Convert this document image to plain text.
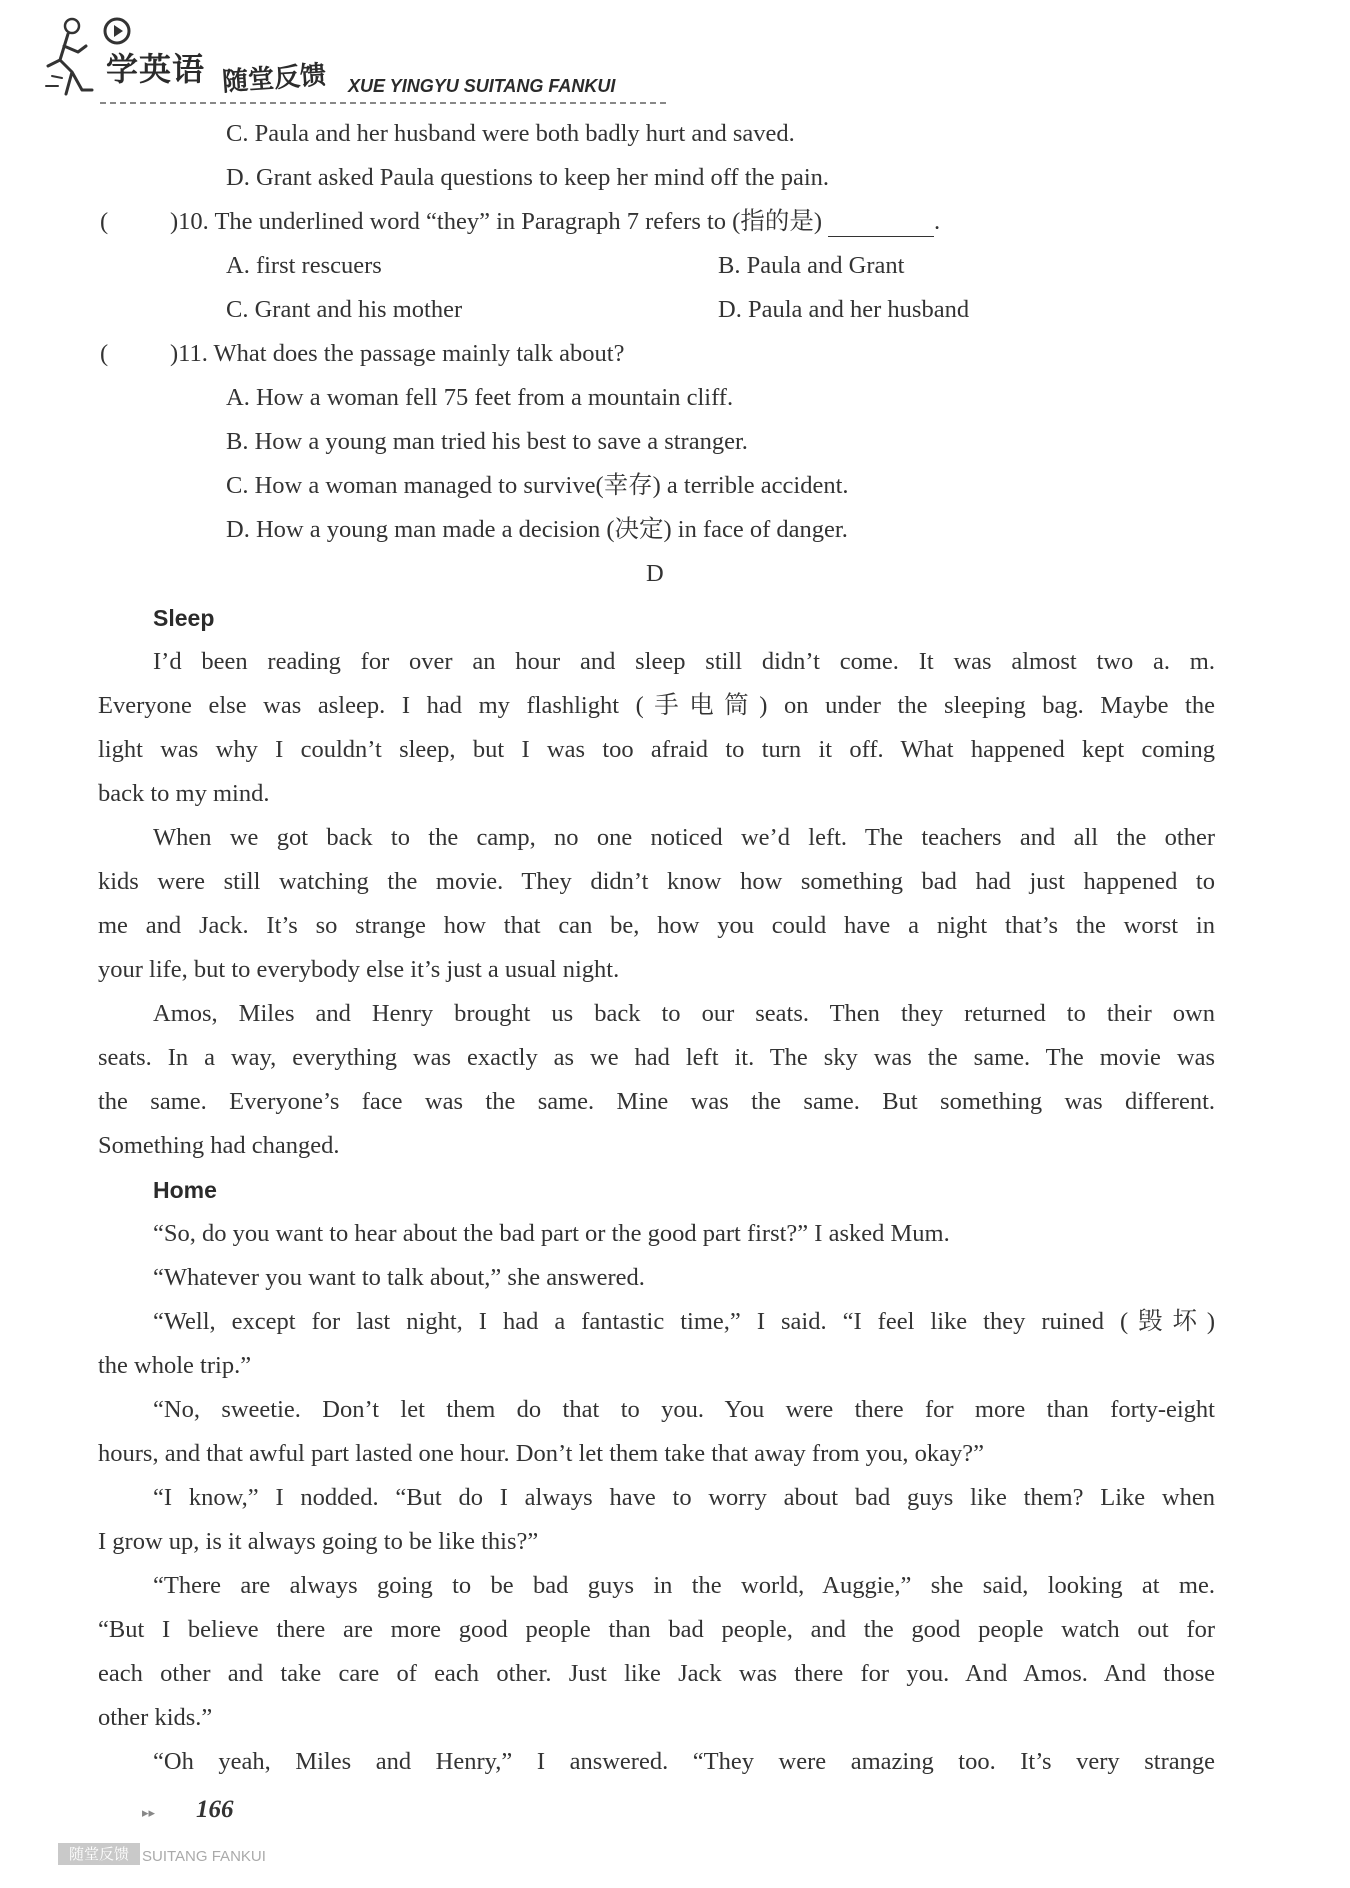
学英语 随堂反馈 XUE YINGYU SUITANG FANKUI
C. Paula and her husband were both badly hurt and saved.
D. Grant asked Paula questions to keep her mind off the pain.
(	)10. The underlined word “they” in Paragraph 7 refers to (指的是)	.
A. first rescuers	B. Paula and Grant
C. Grant and his mother	D. Paula and her husband
(	)11. What does the passage mainly talk about?
A. How a woman fell 75 feet from a mountain cliff.
B. How a young man tried his best to save a stranger.
C. How a woman managed to survive(幸存) a terrible accident.
D. How a young man made a decision (决定) in face of danger.
D
Sleep
I’d been reading for over an hour and sleep still didn’t come. It was almost two a. m.
Everyone else was asleep. I had my flashlight (手电筒) on under the sleeping bag. Maybe the
light was why I couldn’t sleep, but I was too afraid to turn it off. What happened kept coming
back to my mind.
When we got back to the camp, no one noticed we’d left. The teachers and all the other
kids were still watching the movie. They didn’t know how something bad had just happened to
me and Jack. It’s so strange how that can be, how you could have a night that’s the worst in
your life, but to everybody else it’s just a usual night.
Amos, Miles and Henry brought us back to our seats. Then they returned to their own
seats. In a way, everything was exactly as we had left it. The sky was the same. The movie was
the same. Everyone’s face was the same. Mine was the same. But something was different.
Something had changed.
Home
“So, do you want to hear about the bad part or the good part first?” I asked Mum.
“Whatever you want to talk about,” she answered.
“Well, except for last night, I had a fantastic time,” I said. “I feel like they ruined (毁坏)
the whole trip.”
“No, sweetie. Don’t let them do that to you. You were there for more than forty-eight
hours, and that awful part lasted one hour. Don’t let them take that away from you, okay?”
“I know,” I nodded. “But do I always have to worry about bad guys like them? Like when
I grow up, is it always going to be like this?”
“There are always going to be bad guys in the world, Auggie,” she said, looking at me.
“But I believe there are more good people than bad people, and the good people watch out for
each other and take care of each other. Just like Jack was there for you. And Amos. And those
other kids.”
“Oh yeah, Miles and Henry,” I answered. “They were amazing too. It’s very strange
▸▸ 166
随堂反馈 SUITANG FANKUI
